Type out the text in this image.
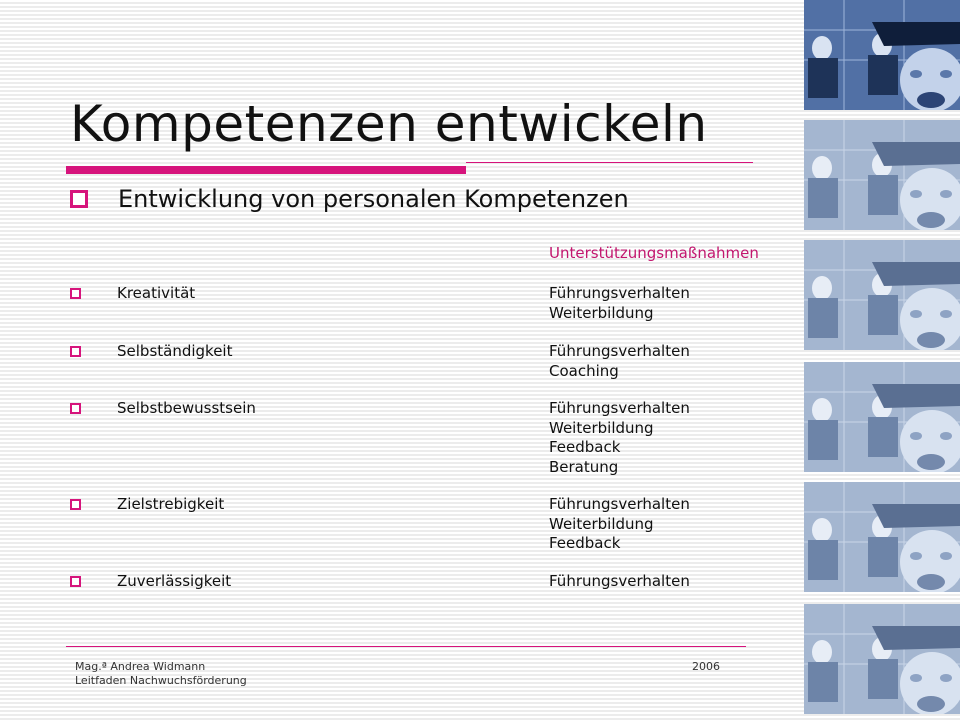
Kompetenzen entwickeln
Entwicklung von personalen Kompetenzen
Unterstützungsmaßnahmen
Kreativität	Führungsverhalten
Weiterbildung
Selbständigkeit	Führungsverhalten
Coaching
Selbstbewusstsein	Führungsverhalten
Weiterbildung
Feedback
Beratung
Zielstrebigkeit	Führungsverhalten
Weiterbildung
Feedback
Zuverlässigkeit	Führungsverhalten
Mag.ª Andrea Widmann
Leitfaden Nachwuchsförderung
2006
